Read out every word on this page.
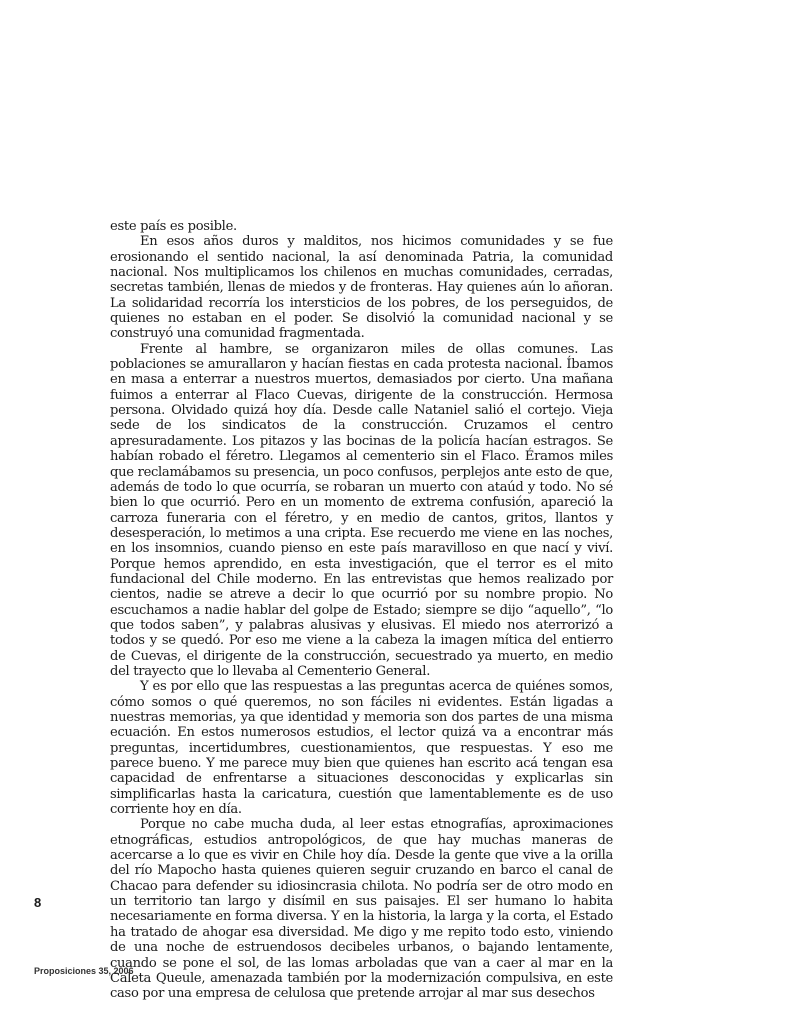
este país es posible.

En esos años duros y malditos, nos hicimos comunidades y se fue erosionando el sentido nacional, la así denominada Patria, la comunidad nacional. Nos multiplicamos los chilenos en muchas comunidades, cerradas, secretas también, llenas de miedos y de fronteras. Hay quienes aún lo añoran. La solidaridad recorría los intersticios de los pobres, de los perseguidos, de quienes no estaban en el poder. Se disolvió la comunidad nacional y se construyó una comunidad fragmentada.

Frente al hambre, se organizaron miles de ollas comunes. Las poblaciones se amurallaron y hacían fiestas en cada protesta nacional. Íbamos en masa a enterrar a nuestros muertos, demasiados por cierto. Una mañana fuimos a enterrar al Flaco Cuevas, dirigente de la construcción. Hermosa persona. Olvidado quizá hoy día. Desde calle Nataniel salió el cortejo. Vieja sede de los sindicatos de la construcción. Cruzamos el centro apresuradamente. Los pitazos y las bocinas de la policía hacían estragos. Se habían robado el féretro. Llegamos al cementerio sin el Flaco. Éramos miles que reclamábamos su presencia, un poco confusos, perplejos ante esto de que, además de todo lo que ocurría, se robaran un muerto con ataúd y todo. No sé bien lo que ocurrió. Pero en un momento de extrema confusión, apareció la carroza funeraria con el féretro, y en medio de cantos, gritos, llantos y desesperación, lo metimos a una cripta. Ese recuerdo me viene en las noches, en los insomnios, cuando pienso en este país maravilloso en que nací y viví. Porque hemos aprendido, en esta investigación, que el terror es el mito fundacional del Chile moderno. En las entrevistas que hemos realizado por cientos, nadie se atreve a decir lo que ocurrió por su nombre propio. No escuchamos a nadie hablar del golpe de Estado; siempre se dijo “aquello”, “lo que todos saben”, y palabras alusivas y elusivas. El miedo nos aterrorizó a todos y se quedó. Por eso me viene a la cabeza la imagen mítica del entierro de Cuevas, el dirigente de la construcción, secuestrado ya muerto, en medio del trayecto que lo llevaba al Cementerio General.

Y es por ello que las respuestas a las preguntas acerca de quiénes somos, cómo somos o qué queremos, no son fáciles ni evidentes. Están ligadas a nuestras memorias, ya que identidad y memoria son dos partes de una misma ecuación. En estos numerosos estudios, el lector quizá va a encontrar más preguntas, incertidumbres, cuestionamientos, que respuestas. Y eso me parece bueno. Y me parece muy bien que quienes han escrito acá tengan esa capacidad de enfrentarse a situaciones desconocidas y explicarlas sin simplificarlas hasta la caricatura, cuestión que lamentablemente es de uso corriente hoy en día.

Porque no cabe mucha duda, al leer estas etnografías, aproximaciones etnográficas, estudios antropológicos, de que hay muchas maneras de acercarse a lo que es vivir en Chile hoy día. Desde la gente que vive a la orilla del río Mapocho hasta quienes quieren seguir cruzando en barco el canal de Chacao para defender su idiosincrasia chilota. No podría ser de otro modo en un territorio tan largo y disímil en sus paisajes. El ser humano lo habita necesariamente en forma diversa. Y en la historia, la larga y la corta, el Estado ha tratado de ahogar esa diversidad. Me digo y me repito todo esto, viniendo de una noche de estruendosos decibeles urbanos, o bajando lentamente, cuando se pone el sol, de las lomas arboladas que van a caer al mar en la Caleta Queule, amenazada también por la modernización compulsiva, en este caso por una empresa de celulosa que pretende arrojar al mar sus desechos

8
Proposiciones 35, 2006
